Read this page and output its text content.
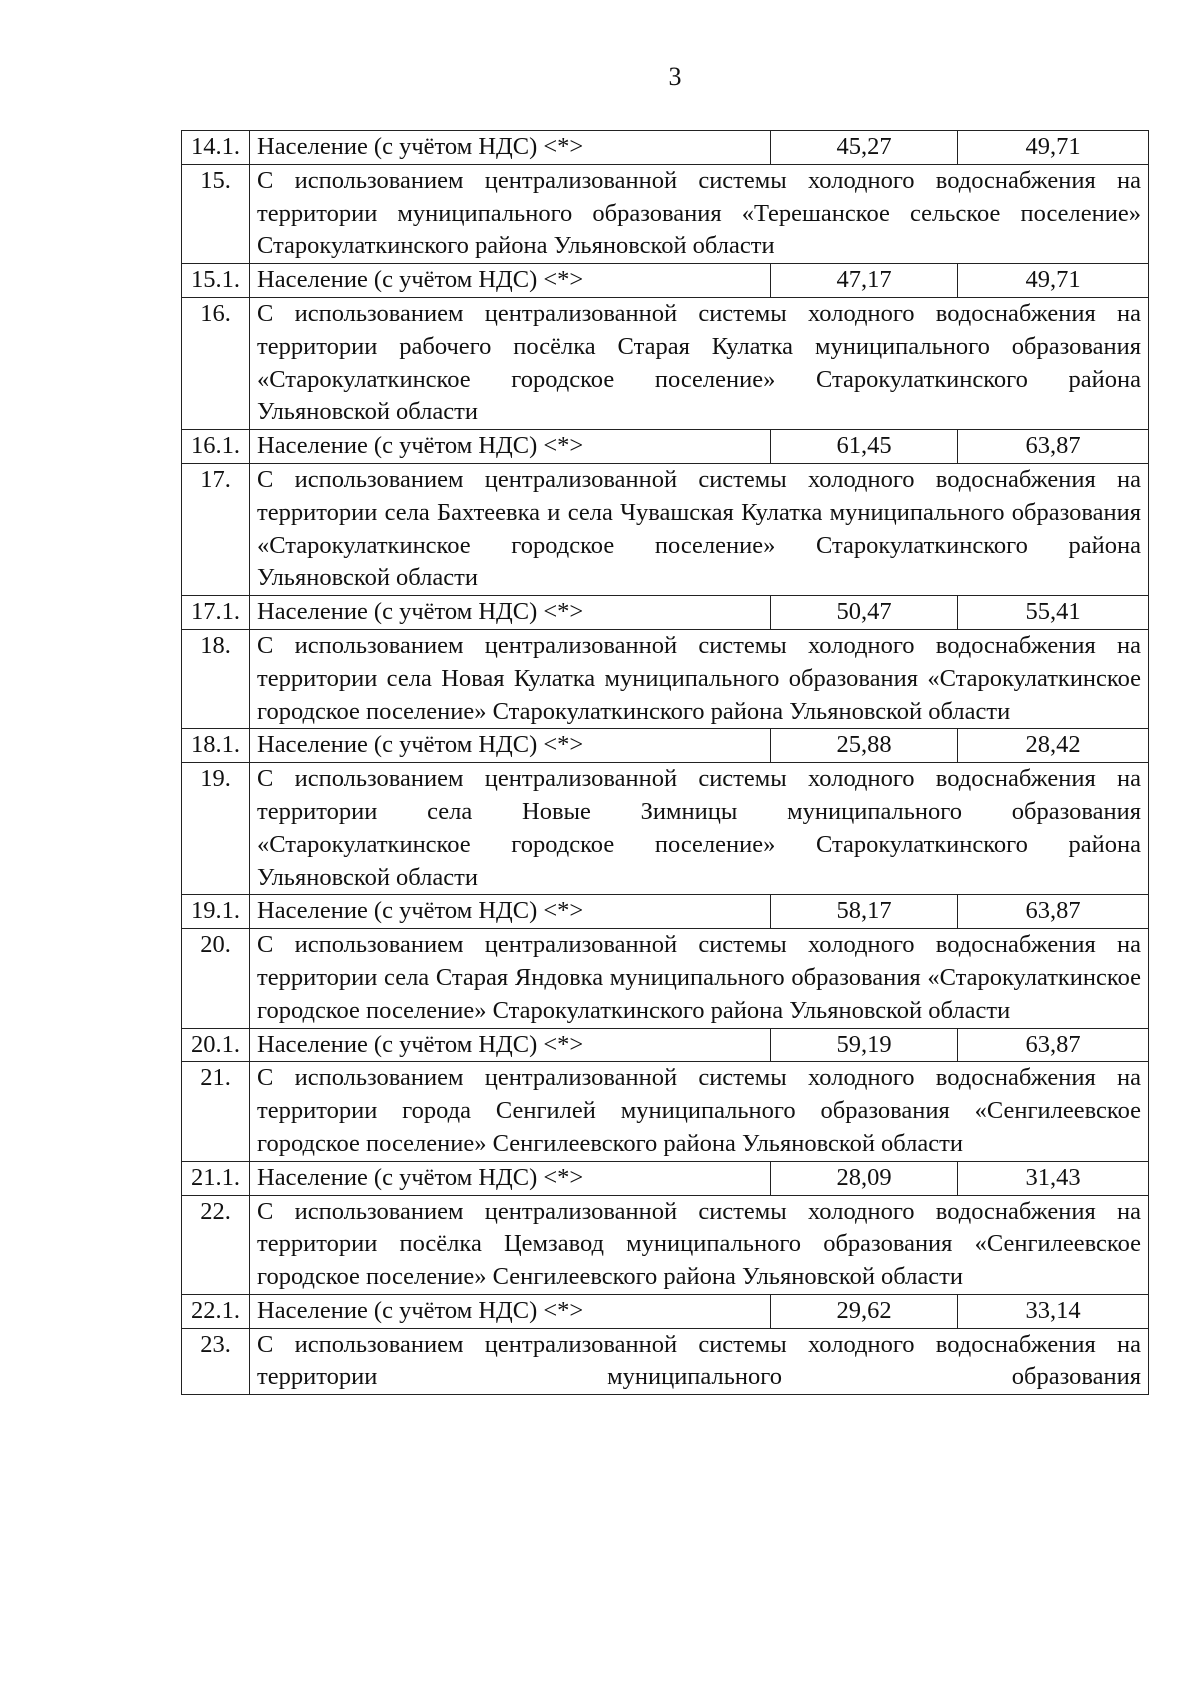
3
14.1.	Население (с учётом НДС) <*>	45,27	49,71
15.	С использованием централизованной системы холодного водоснабжения на территории муниципального образования «Терешанское сельское поселение» Старокулаткинского района Ульяновской области		
15.1.	Население (с учётом НДС) <*>	47,17	49,71
16.	С использованием централизованной системы холодного водоснабжения на территории рабочего посёлка Старая Кулатка муниципального образования «Старокулаткинское городское поселение» Старокулаткинского района Ульяновской области		
16.1.	Население (с учётом НДС) <*>	61,45	63,87
17.	С использованием централизованной системы холодного водоснабжения на территории села Бахтеевка и села Чувашская Кулатка муниципального образования «Старокулаткинское городское поселение» Старокулаткинского района Ульяновской области		
17.1.	Население (с учётом НДС) <*>	50,47	55,41
18.	С использованием централизованной системы холодного водоснабжения на территории села Новая Кулатка муниципального образования «Старокулаткинское городское поселение» Старокулаткинского района Ульяновской области		
18.1.	Население (с учётом НДС) <*>	25,88	28,42
19.	С использованием централизованной системы холодного водоснабжения на территории села Новые Зимницы муниципального образования «Старокулаткинское городское поселение» Старокулаткинского района Ульяновской области		
19.1.	Население (с учётом НДС) <*>	58,17	63,87
20.	С использованием централизованной системы холодного водоснабжения на территории села Старая Яндовка муниципального образования «Старокулаткинское городское поселение» Старокулаткинского района Ульяновской области		
20.1.	Население (с учётом НДС) <*>	59,19	63,87
21.	С использованием централизованной системы холодного водоснабжения на территории города Сенгилей муниципального образования «Сенгилеевское городское поселение» Сенгилеевского района Ульяновской области		
21.1.	Население (с учётом НДС) <*>	28,09	31,43
22.	С использованием централизованной системы холодного водоснабжения на территории посёлка Цемзавод муниципального образования «Сенгилеевское городское поселение» Сенгилеевского района Ульяновской области		
22.1.	Население (с учётом НДС) <*>	29,62	33,14
23.	С использованием централизованной системы холодного водоснабжения на территории муниципального образования		
